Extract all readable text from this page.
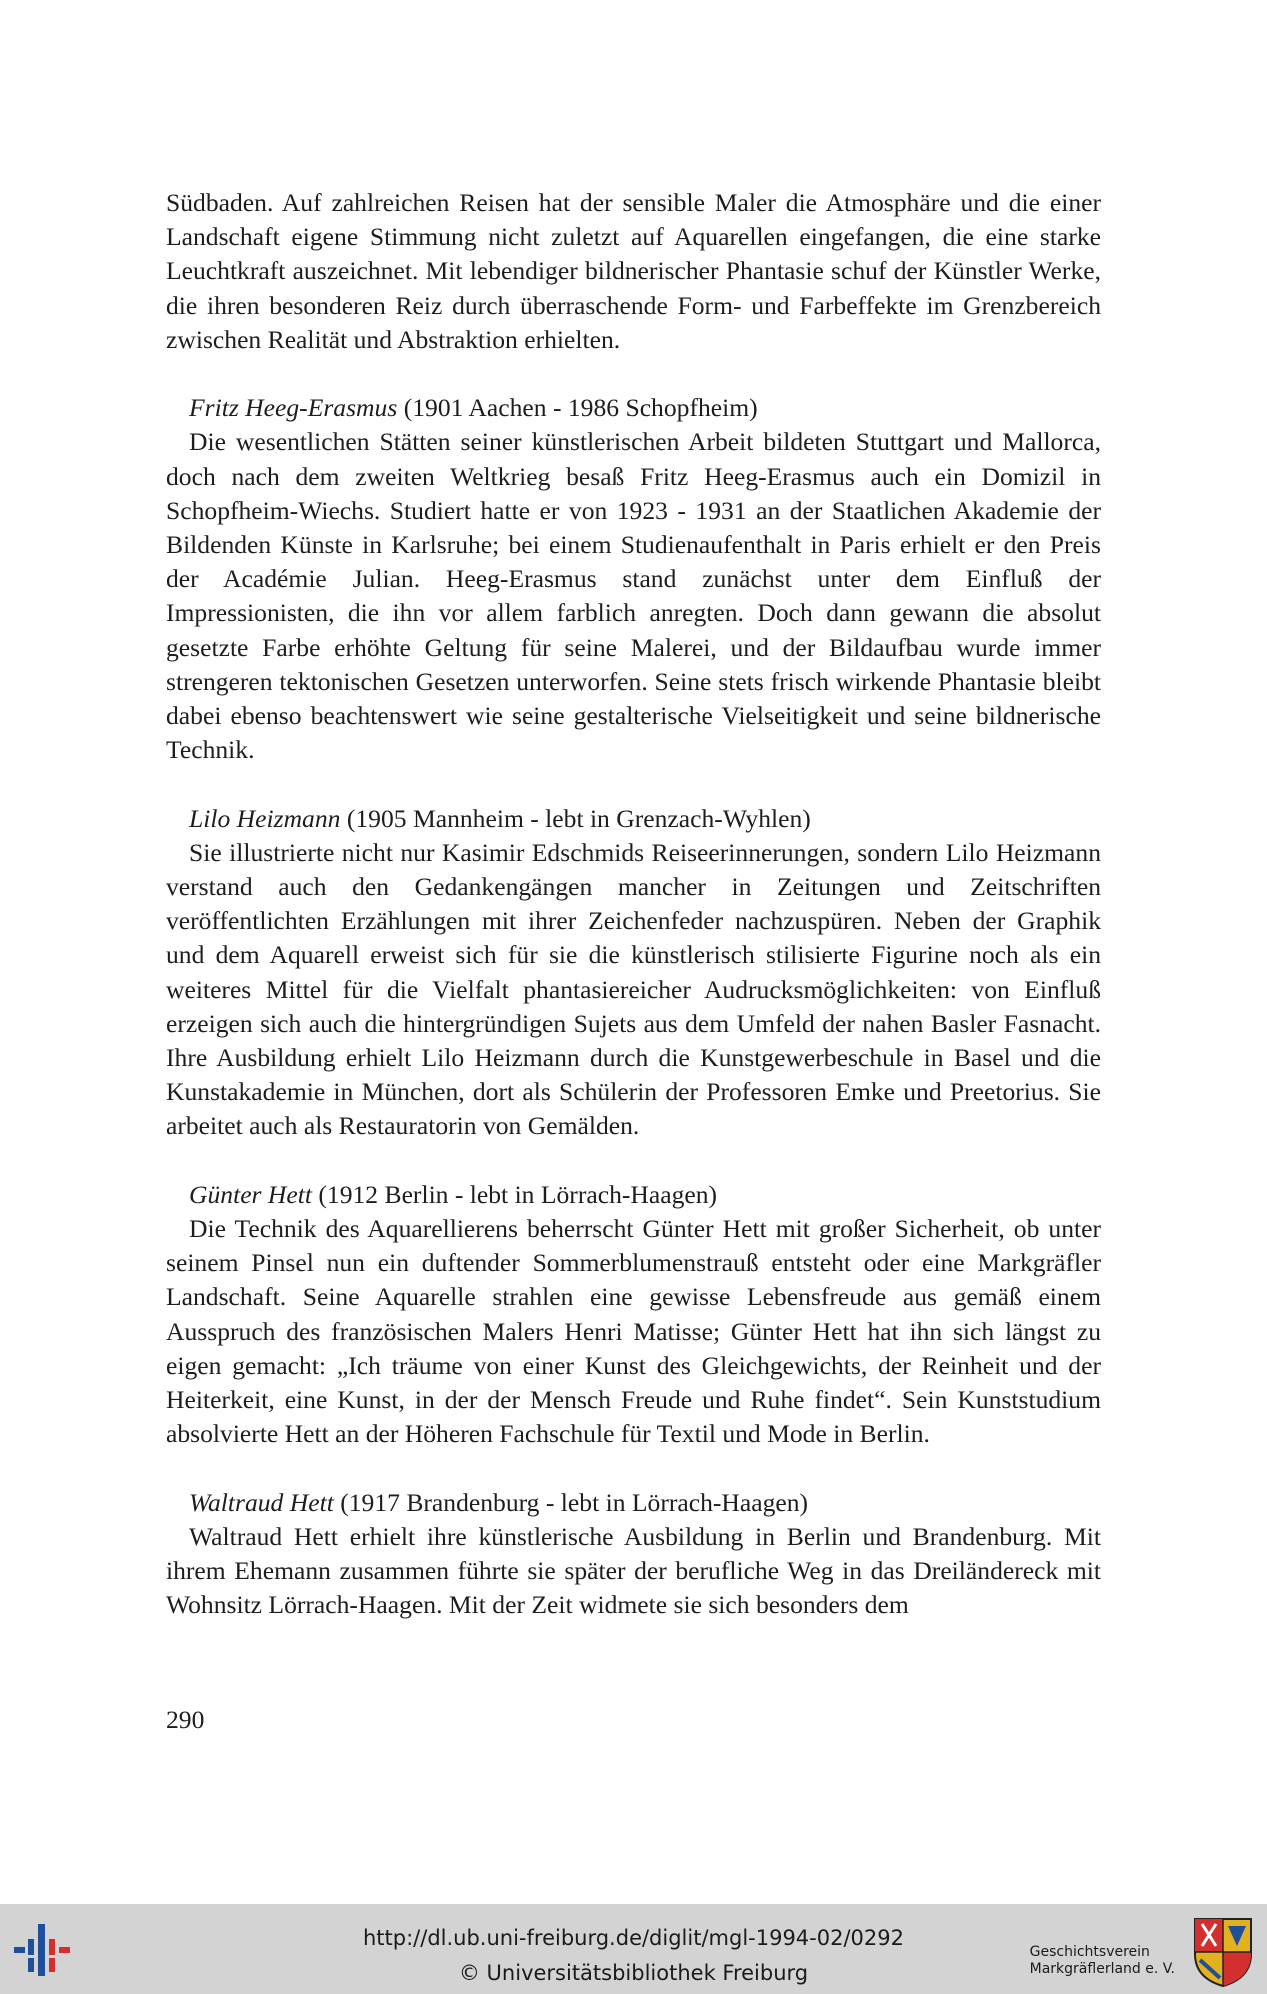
Südbaden. Auf zahlreichen Reisen hat der sensible Maler die Atmosphäre und die einer Landschaft eigene Stimmung nicht zuletzt auf Aquarellen eingefangen, die eine starke Leuchtkraft auszeichnet. Mit lebendiger bildnerischer Phantasie schuf der Künstler Werke, die ihren besonderen Reiz durch überraschende Form- und Farbeffekte im Grenzbereich zwischen Realität und Abstraktion erhielten.

Fritz Heeg-Erasmus (1901 Aachen - 1986 Schopfheim)

Die wesentlichen Stätten seiner künstlerischen Arbeit bildeten Stuttgart und Mallorca, doch nach dem zweiten Weltkrieg besaß Fritz Heeg-Erasmus auch ein Domizil in Schopfheim-Wiechs. Studiert hatte er von 1923 - 1931 an der Staatlichen Akademie der Bildenden Künste in Karlsruhe; bei einem Studienaufenthalt in Paris erhielt er den Preis der Académie Julian. Heeg-Erasmus stand zunächst unter dem Einfluß der Impressionisten, die ihn vor allem farblich anregten. Doch dann gewann die absolut gesetzte Farbe erhöhte Geltung für seine Malerei, und der Bildaufbau wurde immer strengeren tektonischen Gesetzen unterworfen. Seine stets frisch wirkende Phantasie bleibt dabei ebenso beachtenswert wie seine gestalterische Vielseitigkeit und seine bildnerische Technik.

Lilo Heizmann (1905 Mannheim - lebt in Grenzach-Wyhlen)

Sie illustrierte nicht nur Kasimir Edschmids Reiseerinnerungen, sondern Lilo Heizmann verstand auch den Gedankengängen mancher in Zeitungen und Zeitschriften veröffentlichten Erzählungen mit ihrer Zeichenfeder nachzuspüren. Neben der Graphik und dem Aquarell erweist sich für sie die künstlerisch stilisierte Figurine noch als ein weiteres Mittel für die Vielfalt phantasiereicher Audrucksmöglichkeiten: von Einfluß erzeigen sich auch die hintergründigen Sujets aus dem Umfeld der nahen Basler Fasnacht. Ihre Ausbildung erhielt Lilo Heizmann durch die Kunstgewerbeschule in Basel und die Kunstakademie in München, dort als Schülerin der Professoren Emke und Preetorius. Sie arbeitet auch als Restauratorin von Gemälden.

Günter Hett (1912 Berlin - lebt in Lörrach-Haagen)

Die Technik des Aquarellierens beherrscht Günter Hett mit großer Sicherheit, ob unter seinem Pinsel nun ein duftender Sommerblumenstrauß entsteht oder eine Markgräfler Landschaft. Seine Aquarelle strahlen eine gewisse Lebensfreude aus gemäß einem Ausspruch des französischen Malers Henri Matisse; Günter Hett hat ihn sich längst zu eigen gemacht: „Ich träume von einer Kunst des Gleichgewichts, der Reinheit und der Heiterkeit, eine Kunst, in der der Mensch Freude und Ruhe findet“. Sein Kunststudium absolvierte Hett an der Höheren Fachschule für Textil und Mode in Berlin.

Waltraud Hett (1917 Brandenburg - lebt in Lörrach-Haagen)

Waltraud Hett erhielt ihre künstlerische Ausbildung in Berlin und Brandenburg. Mit ihrem Ehemann zusammen führte sie später der berufliche Weg in das Dreiländereck mit Wohnsitz Lörrach-Haagen. Mit der Zeit widmete sie sich besonders dem

290
http://dl.ub.uni-freiburg.de/diglit/mgl-1994-02/0292
© Universitätsbibliothek Freiburg
Geschichtsverein
Markgräflerland e. V.
